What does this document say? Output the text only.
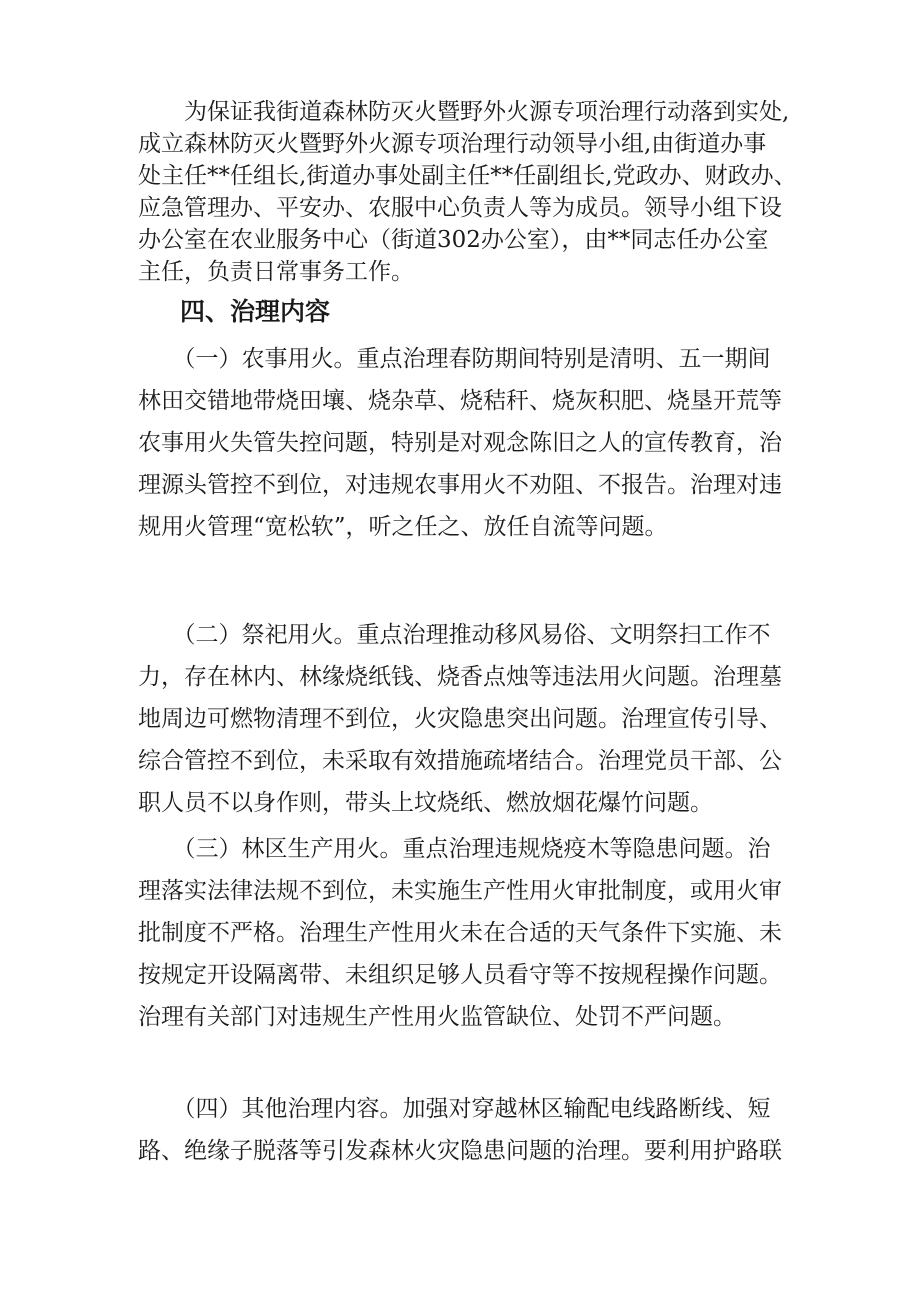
　　为保证我街道森林防灭火暨野外火源专项治理行动落到实处,
成立森林防灭火暨野外火源专项治理行动领导小组,由街道办事
处主任**任组长,街道办事处副主任**任副组长,党政办、财政办、
应急管理办、平安办、农服中心负责人等为成员。领导小组下设
办公室在农业服务中心（街道302办公室），由**同志任办公室
主任，负责日常事务工作。
四、治理内容
　　（一）农事用火。重点治理春防期间特别是清明、五一期间
林田交错地带烧田壤、烧杂草、烧秸秆、烧灰积肥、烧垦开荒等
农事用火失管失控问题，特别是对观念陈旧之人的宣传教育，治
理源头管控不到位，对违规农事用火不劝阻、不报告。治理对违
规用火管理“宽松软”，听之任之、放任自流等问题。
　　（二）祭祀用火。重点治理推动移风易俗、文明祭扫工作不
力，存在林内、林缘烧纸钱、烧香点烛等违法用火问题。治理墓
地周边可燃物清理不到位，火灾隐患突出问题。治理宣传引导、
综合管控不到位，未采取有效措施疏堵结合。治理党员干部、公
职人员不以身作则，带头上坟烧纸、燃放烟花爆竹问题。
　　（三）林区生产用火。重点治理违规烧疫木等隐患问题。治
理落实法律法规不到位，未实施生产性用火审批制度，或用火审
批制度不严格。治理生产性用火未在合适的天气条件下实施、未
按规定开设隔离带、未组织足够人员看守等不按规程操作问题。
治理有关部门对违规生产性用火监管缺位、处罚不严问题。
　　（四）其他治理内容。加强对穿越林区输配电线路断线、短
路、绝缘子脱落等引发森林火灾隐患问题的治理。要利用护路联
